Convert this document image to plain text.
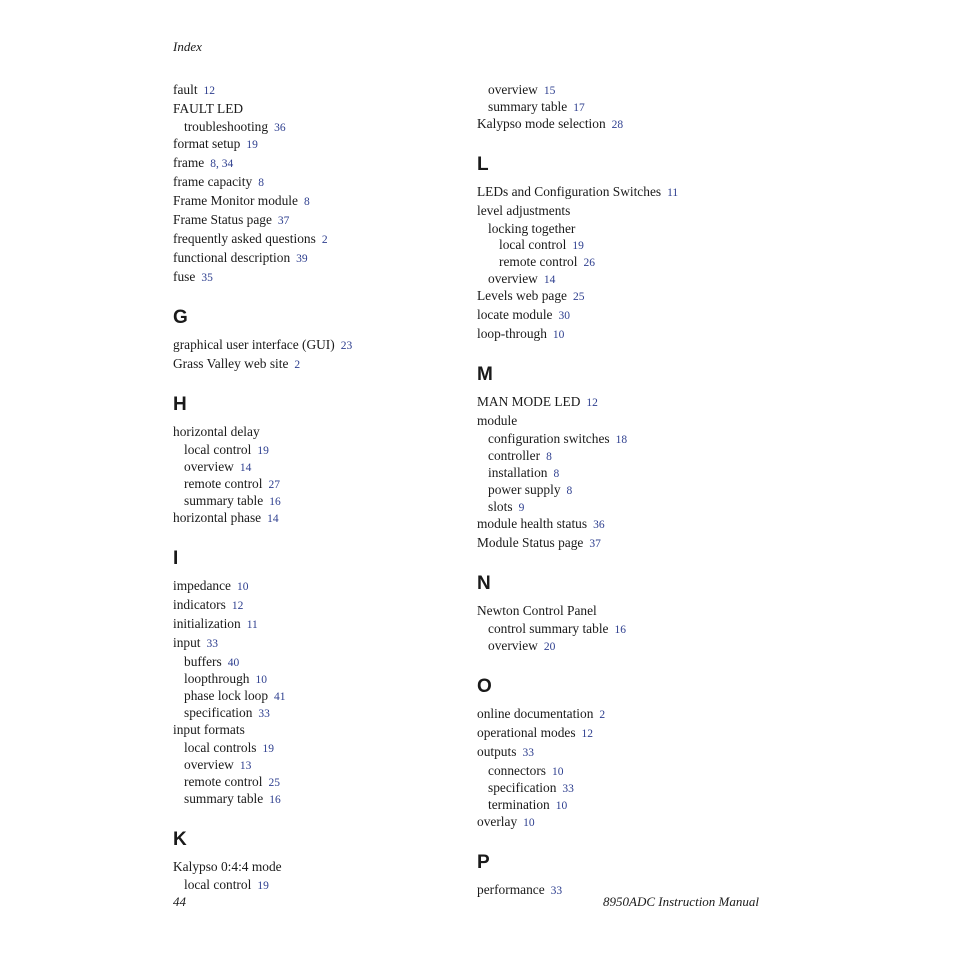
Index
fault 12
FAULT LED
troubleshooting 36
format setup 19
frame 8, 34
frame capacity 8
Frame Monitor module 8
Frame Status page 37
frequently asked questions 2
functional description 39
fuse 35
G
graphical user interface (GUI) 23
Grass Valley web site 2
H
horizontal delay
local control 19
overview 14
remote control 27
summary table 16
horizontal phase 14
I
impedance 10
indicators 12
initialization 11
input 33
buffers 40
loopthrough 10
phase lock loop 41
specification 33
input formats
local controls 19
overview 13
remote control 25
summary table 16
K
Kalypso 0:4:4 mode
local control 19
overview 15
summary table 17
Kalypso mode selection 28
L
LEDs and Configuration Switches 11
level adjustments
locking together
local control 19
remote control 26
overview 14
Levels web page 25
locate module 30
loop-through 10
M
MAN MODE LED 12
module
configuration switches 18
controller 8
installation 8
power supply 8
slots 9
module health status 36
Module Status page 37
N
Newton Control Panel
control summary table 16
overview 20
O
online documentation 2
operational modes 12
outputs 33
connectors 10
specification 33
termination 10
overlay 10
P
performance 33
44	8950ADC Instruction Manual
